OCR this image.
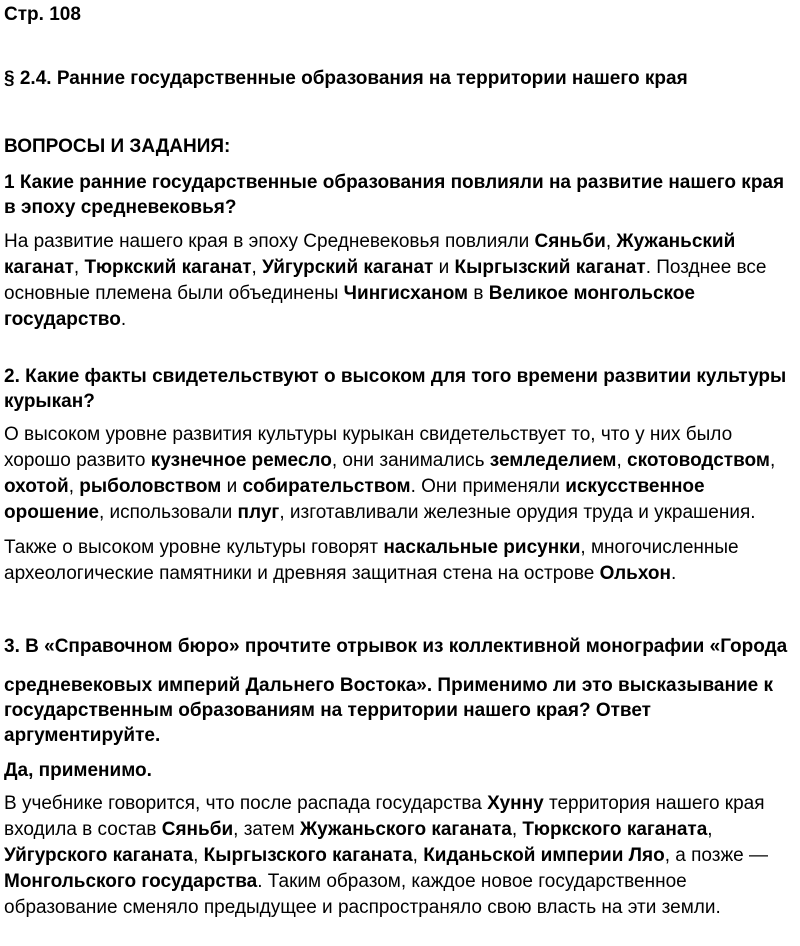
Стр. 108
§ 2.4. Ранние государственные образования на территории нашего края
ВОПРОСЫ И ЗАДАНИЯ:

1 Какие ранние государственные образования повлияли на развитие нашего края в эпоху средневековья?

На развитие нашего края в эпоху Средневековья повлияли Сяньби, Жужаньский каганат, Тюркский каганат, Уйгурский каганат и Кыргызский каганат. Позднее все основные племена были объединены Чингисханом в Великое монгольское государство.

2. Какие факты свидетельствуют о высоком для того времени развитии культуры курыкан?

О высоком уровне развития культуры курыкан свидетельствует то, что у них было хорошо развито кузнечное ремесло, они занимались земледелием, скотоводством, охотой, рыболовством и собирательством. Они применяли искусственное орошение, использовали плуг, изготавливали железные орудия труда и украшения.

Также о высоком уровне культуры говорят наскальные рисунки, многочисленные археологические памятники и древняя защитная стена на острове Ольхон.

3. В «Справочном бюро» прочтите отрывок из коллективной монографии «Города

средневековых империй Дальнего Востока». Применимо ли это высказывание к государственным образованиям на территории нашего края? Ответ аргументируйте.

Да, применимо.

В учебнике говорится, что после распада государства Хунну территория нашего края входила в состав Сяньби, затем Жужаньского каганата, Тюркского каганата, Уйгурского каганата, Кыргызского каганата, Киданьской империи Ляо, а позже — Монгольского государства. Таким образом, каждое новое государственное образование сменяло предыдущее и распространяло свою власть на эти земли.
